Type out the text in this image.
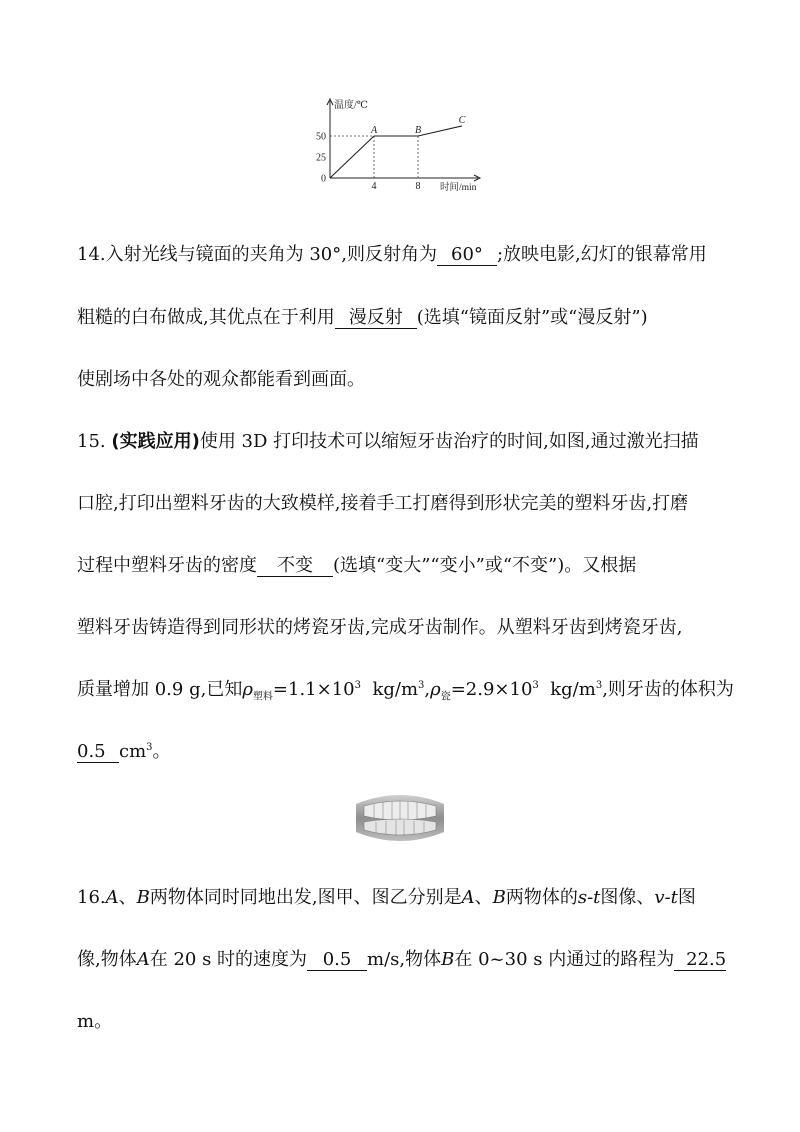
温度/℃
时间/min
0
25
50
4	8
A	B
C
14.入射光线与镜面的夹角为 30°,则反射角为 60° ;放映电影,幻灯的银幕常用
粗糙的白布做成,其优点在于利用 漫反射 (选填“镜面反射”或“漫反射”)
使剧场中各处的观众都能看到画面。
15. (实践应用)使用 3D 打印技术可以缩短牙齿治疗的时间,如图,通过激光扫描
口腔,打印出塑料牙齿的大致模样,接着手工打磨得到形状完美的塑料牙齿,打磨
过程中塑料牙齿的密度 不变 (选填“变大”“变小”或“不变”)。又根据
塑料牙齿铸造得到同形状的烤瓷牙齿,完成牙齿制作。从塑料牙齿到烤瓷牙齿,
质量增加 0.9 g,已知$\rho_{塑料}=1.1\times 10^3$ $kg/m^3,\rho_瓷=2.9\times 10^3$ $kg/m^3$,则牙齿的体积为
0.5 $cm^3$。
16.A、B两物体同时同地出发,图甲、图乙分别是A、B两物体的s-t图像、v-t图
像,物体A在 20 s 时的速度为 0.5 m/s,物体B在 0~30 s 内通过的路程为 22.5
m。
